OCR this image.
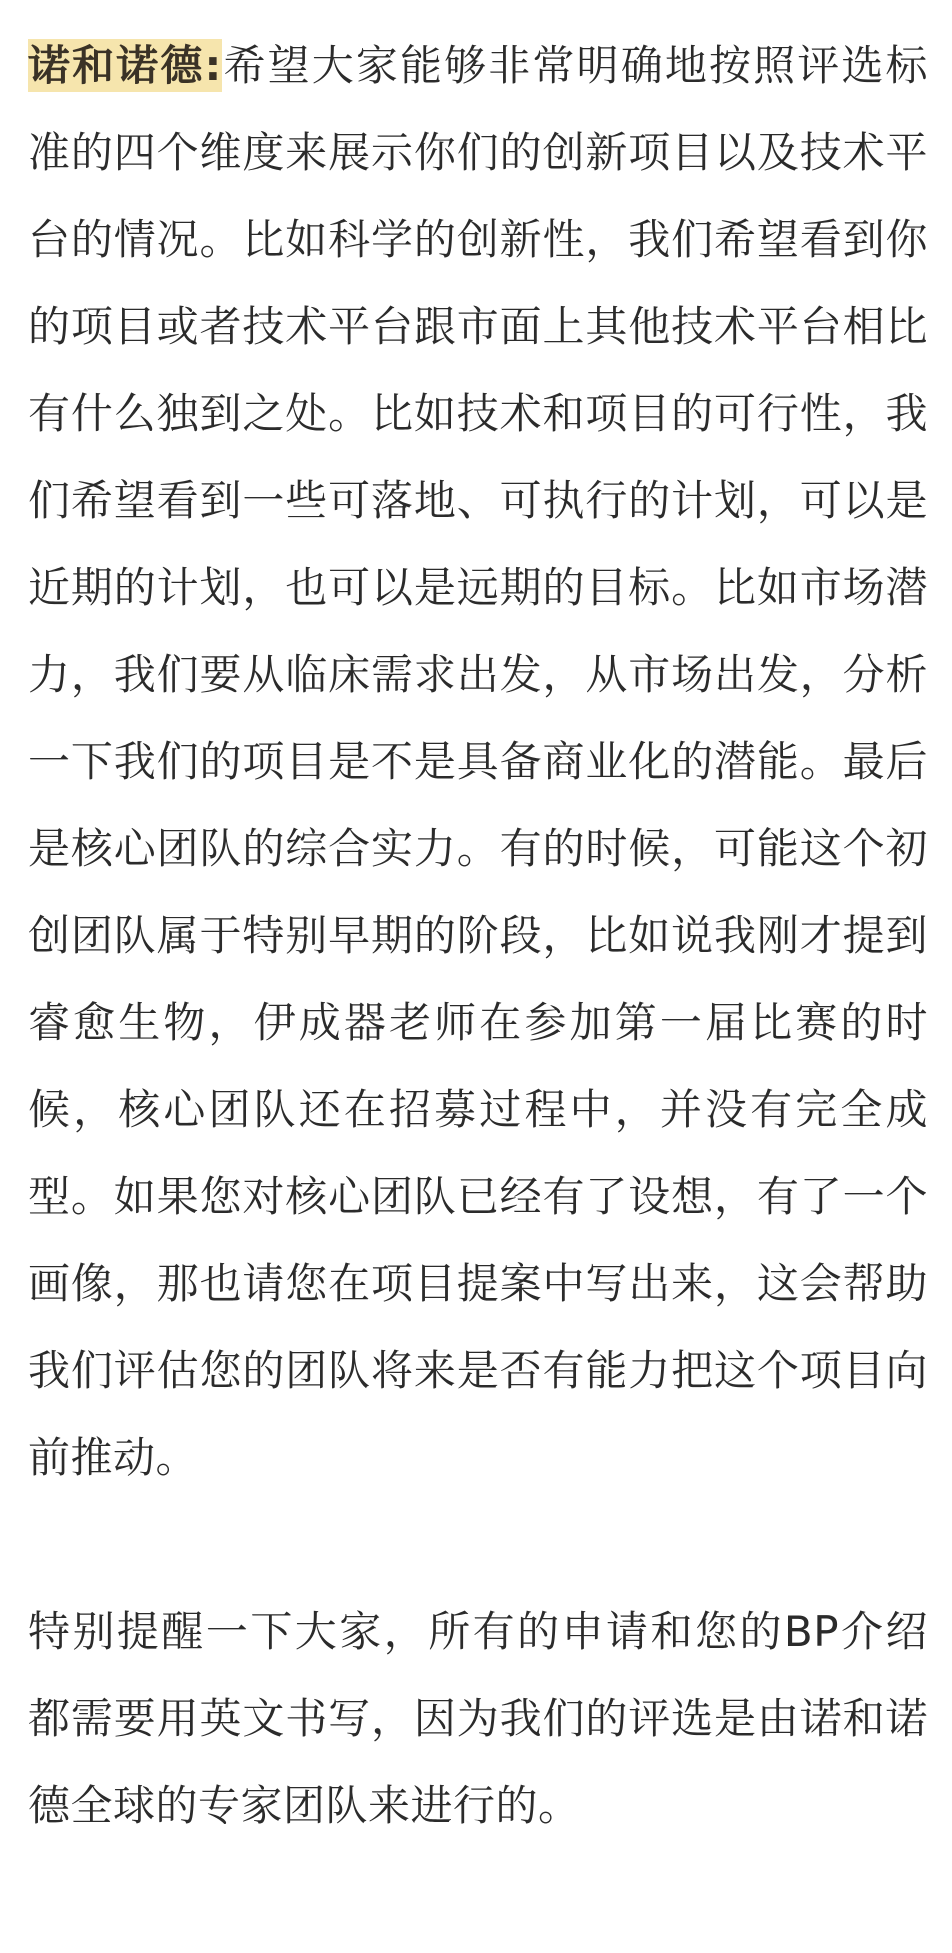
诺和诺德:希望大家能够非常明确地按照评选标准的四个维度来展示你们的创新项目以及技术平台的情况。比如科学的创新性，我们希望看到你的项目或者技术平台跟市面上其他技术平台相比有什么独到之处。比如技术和项目的可行性，我们希望看到一些可落地、可执行的计划，可以是近期的计划，也可以是远期的目标。比如市场潜力，我们要从临床需求出发，从市场出发，分析一下我们的项目是不是具备商业化的潜能。最后是核心团队的综合实力。有的时候，可能这个初创团队属于特别早期的阶段，比如说我刚才提到睿愈生物，伊成器老师在参加第一届比赛的时候，核心团队还在招募过程中，并没有完全成型。如果您对核心团队已经有了设想，有了一个画像，那也请您在项目提案中写出来，这会帮助我们评估您的团队将来是否有能力把这个项目向前推动。

特别提醒一下大家，所有的申请和您的BP介绍都需要用英文书写，因为我们的评选是由诺和诺德全球的专家团队来进行的。
